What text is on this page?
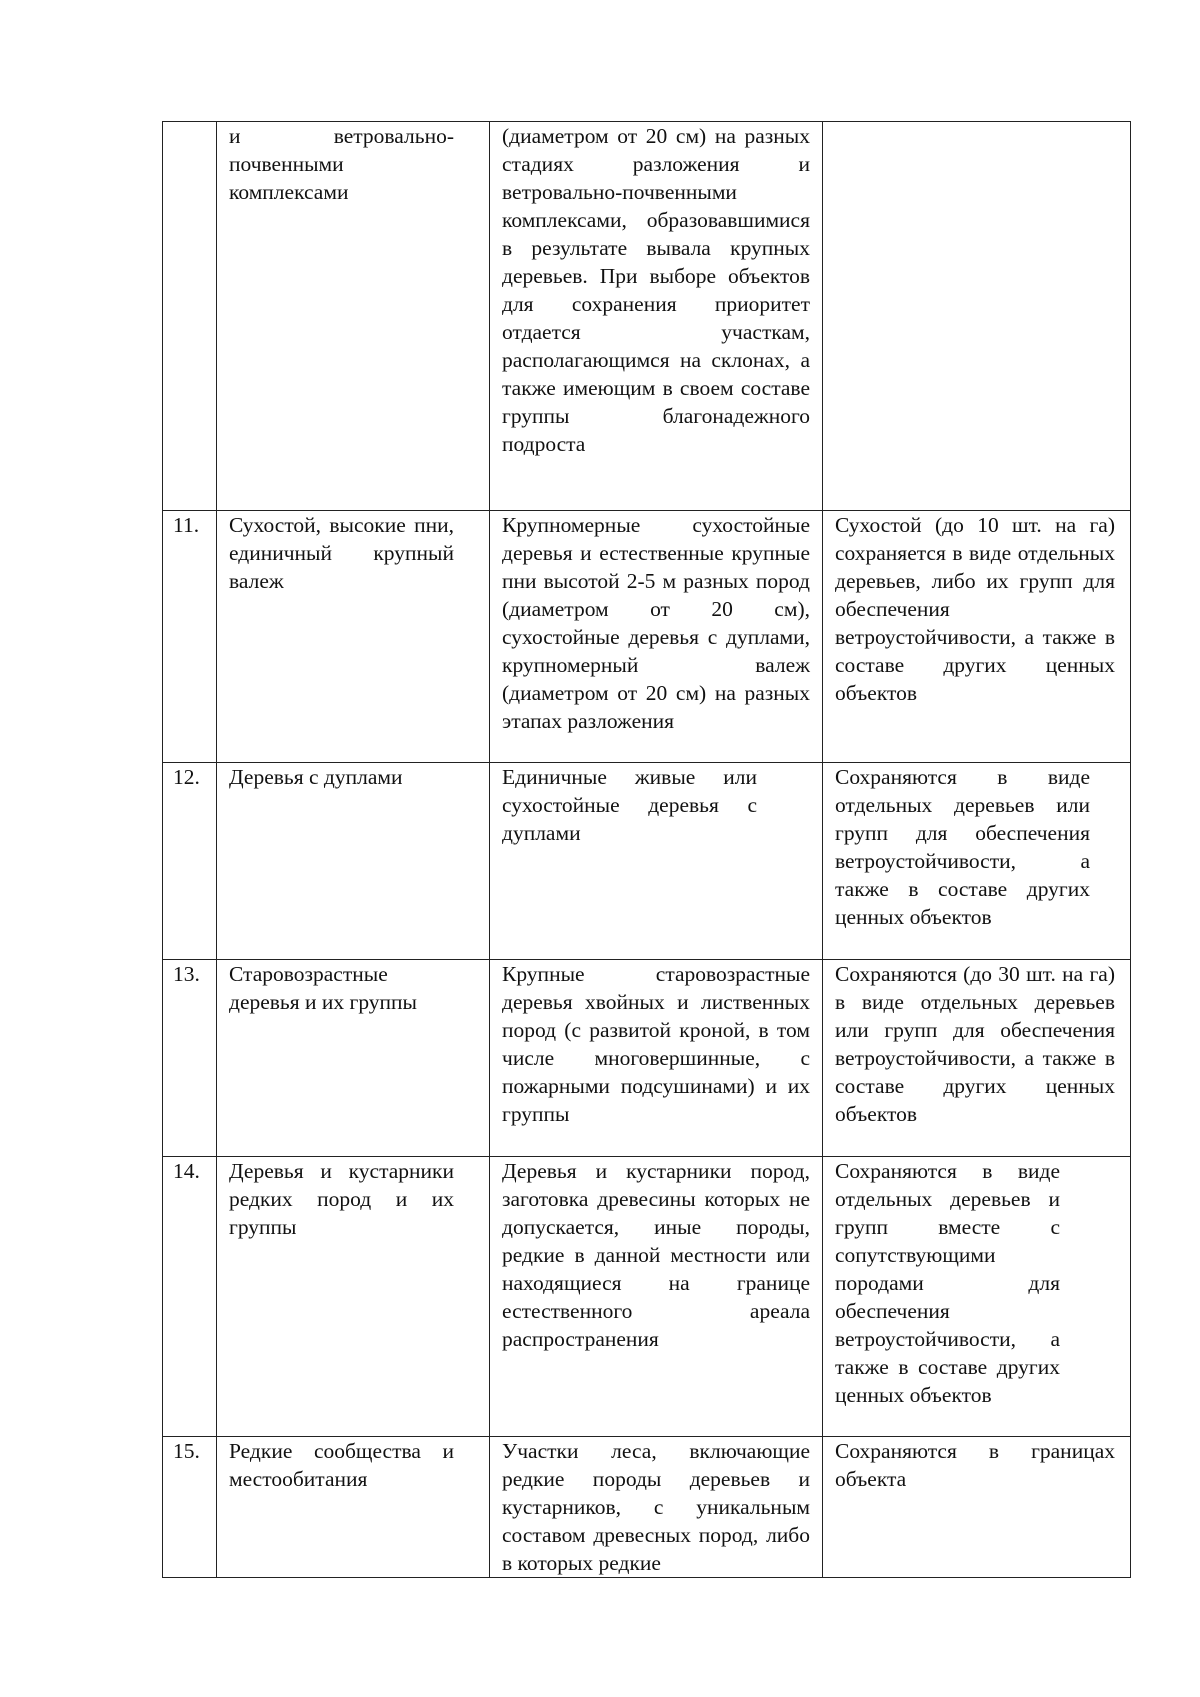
	и ветровально-почвенными комплексами	(диаметром от 20 см) на разных стадиях разложения и ветровально-почвенными комплексами, образовавшимися в результате вывала крупных деревьев. При выборе объектов для сохранения приоритет отдается участкам, располагающимся на склонах, а также имеющим в своем составе группы благонадежного подроста	

11.	Сухостой, высокие пни, единичный крупный валеж	Крупномерные сухостойные деревья и естественные крупные пни высотой 2-5 м разных пород (диаметром от 20 см), сухостойные деревья с дуплами, крупномерный валеж (диаметром от 20 см) на разных этапах разложения	Сухостой (до 10 шт. на га) сохраняется в виде отдельных деревьев, либо их групп для обеспечения ветроустойчивости, а также в составе других ценных объектов

12.	Деревья с дуплами	Единичные живые или сухостойные деревья с дуплами	Сохраняются в виде отдельных деревьев или групп для обеспечения ветроустойчивости, а также в составе других ценных объектов

13.	Старовозрастные деревья и их группы	Крупные старовозрастные деревья хвойных и лиственных пород (с развитой кроной, в том числе многовершинные, с пожарными подсушинами) и их группы	Сохраняются (до 30 шт. на га) в виде отдельных деревьев или групп для обеспечения ветроустойчивости, а также в составе других ценных объектов

14.	Деревья и кустарники редких пород и их группы	Деревья и кустарники пород, заготовка древесины которых не допускается, иные породы, редкие в данной местности или находящиеся на границе естественного ареала распространения	Сохраняются в виде отдельных деревьев и групп вместе с сопутствующими породами для обеспечения ветроустойчивости, а также в составе других ценных объектов

15.	Редкие сообщества и местообитания	Участки леса, включающие редкие породы деревьев и кустарников, с уникальным составом древесных пород, либо в которых редкие	Сохраняются в границах объекта
